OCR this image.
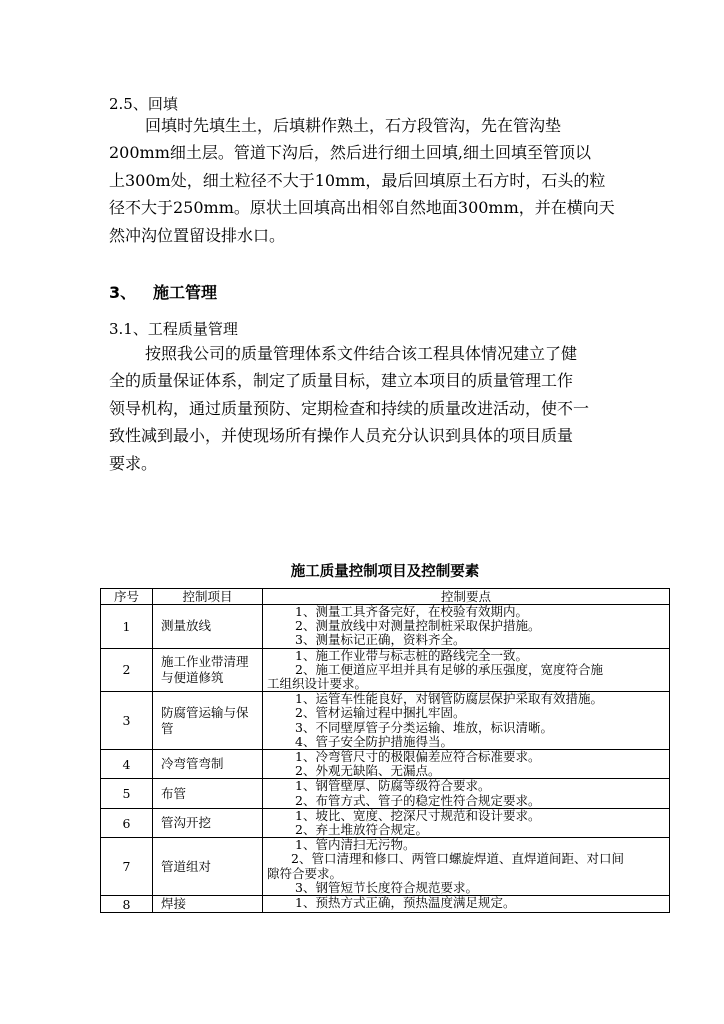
2.5、回填

回填时先填生土，后填耕作熟土，石方段管沟，先在管沟垫
200mm细土层。管道下沟后，然后进行细土回填,细土回填至管顶以
上300m处，细土粒径不大于10mm，最后回填原土石方时，石头的粒
径不大于250mm。原状土回填高出相邻自然地面300mm，并在横向天
然冲沟位置留设排水口。

3、 施工管理
3.1、工程质量管理

按照我公司的质量管理体系文件结合该工程具体情况建立了健
全的质量保证体系，制定了质量目标，建立本项目的质量管理工作
领导机构，通过质量预防、定期检查和持续的质量改进活动，使不一
致性减到最小，并使现场所有操作人员充分认识到具体的项目质量
要求。

施工质量控制项目及控制要素
序号	控制项目	控制要点
1	测量放线	1、测量工具齐备完好，在校验有效期内。
2、测量放线中对测量控制桩采取保护措施。
3、测量标记正确，资料齐全。

2	施工作业带清理与便道修筑	1、施工作业带与标志桩的路线完全一致。
2、施工便道应平坦并具有足够的承压强度，宽度符合施
工组织设计要求。

3	防腐管运输与保管	1、运管车性能良好，对钢管防腐层保护采取有效措施。
2、管材运输过程中捆扎牢固。
3、不同壁厚管子分类运输、堆放，标识清晰。
4、管子安全防护措施得当。

4	冷弯管弯制	1、冷弯管尺寸的极限偏差应符合标准要求。
2、外观无缺陷、无漏点。

5	布管	1、钢管壁厚、防腐等级符合要求。
2、布管方式、管子的稳定性符合规定要求。

6	管沟开挖	1、坡比、宽度、挖深尺寸规范和设计要求。
2、弃土堆放符合规定。

7	管道组对	1、管内清扫无污物。
2、管口清理和修口、两管口螺旋焊道、直焊道间距、对口间
隙符合要求。
3、钢管短节长度符合规范要求。

8	焊接	1、预热方式正确，预热温度满足规定。
